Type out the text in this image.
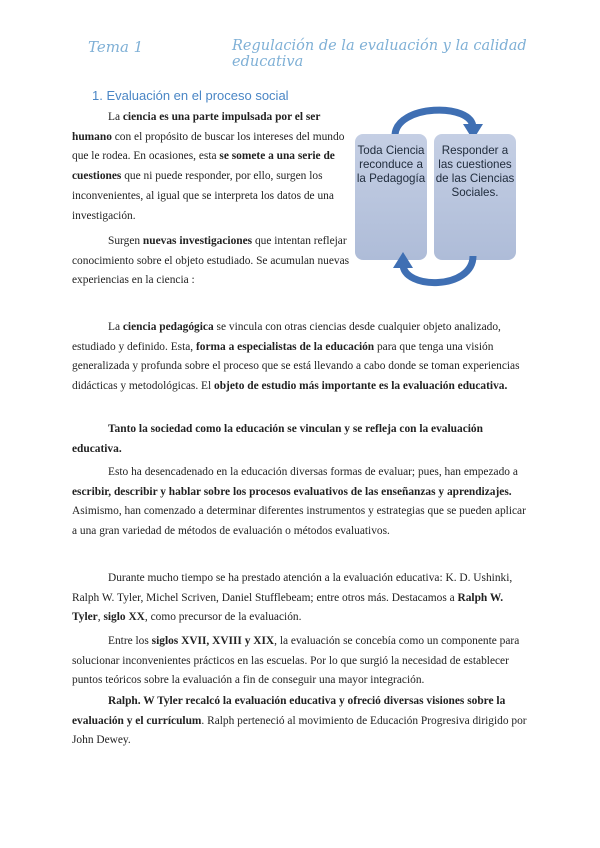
Tema 1	Regulación de la evaluación y la calidad educativa
1. Evaluación en el proceso social

La ciencia es una parte impulsada por el ser humano con el propósito de buscar los intereses del mundo que le rodea. En ocasiones, esta se somete a una serie de cuestiones que ni puede responder, por ello, surgen los inconvenientes, al igual que se interpreta los datos de una investigación.

Surgen nuevas investigaciones que intentan reflejar conocimiento sobre el objeto estudiado. Se acumulan nuevas experiencias en la ciencia :

Toda Ciencia reconduce a la Pedagogía
Responder a las cuestiones de las Ciencias Sociales.

La ciencia pedagógica se vincula con otras ciencias desde cualquier objeto analizado, estudiado y definido. Esta, forma a especialistas de la educación para que tenga una visión generalizada y profunda sobre el proceso que se está llevando a cabo donde se toman experiencias didácticas y metodológicas. El objeto de estudio más importante es la evaluación educativa.

Tanto la sociedad como la educación se vinculan y se refleja con la evaluación educativa.

Esto ha desencadenado en la educación diversas formas de evaluar; pues, han empezado a escribir, describir y hablar sobre los procesos evaluativos de las enseñanzas y aprendizajes. Asimismo, han comenzado a determinar diferentes instrumentos y estrategias que se pueden aplicar a una gran variedad de métodos de evaluación o métodos evaluativos.

Durante mucho tiempo se ha prestado atención a la evaluación educativa: K. D. Ushinki, Ralph W. Tyler, Michel Scriven, Daniel Stufflebeam; entre otros más. Destacamos a Ralph W. Tyler, siglo XX, como precursor de la evaluación.

Entre los siglos XVII, XVIII y XIX, la evaluación se concebía como un componente para solucionar inconvenientes prácticos en las escuelas. Por lo que surgió la necesidad de establecer puntos teóricos sobre la evaluación a fin de conseguir una mayor integración.

Ralph. W Tyler recalcó la evaluación educativa y ofreció diversas visiones sobre la evaluación y el currículum. Ralph perteneció al movimiento de Educación Progresiva dirigido por John Dewey.
